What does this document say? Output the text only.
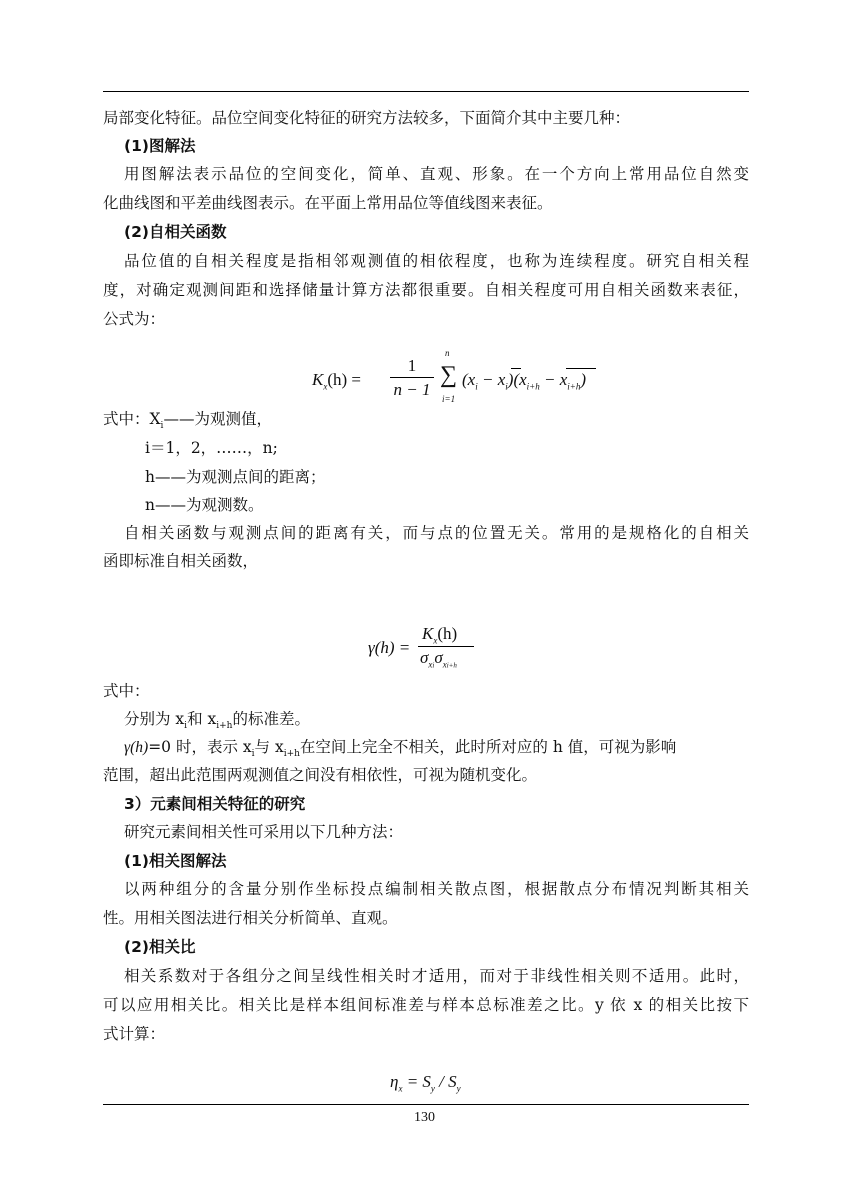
局部变化特征。品位空间变化特征的研究方法较多，下面简介其中主要几种：
(1)图解法
用图解法表示品位的空间变化，简单、直观、形象。在一个方向上常用品位自然变
化曲线图和平差曲线图表示。在平面上常用品位等值线图来表征。
(2)自相关函数
品位值的自相关程度是指相邻观测值的相依程度，也称为连续程度。研究自相关程
度，对确定观测间距和选择储量计算方法都很重要。自相关程度可用自相关函数来表征，
公式为：
$K_x(h)$ =
1
n − 1
n
∑
i=1
$(x_i - x_i)(x_{i+h} - x_{i+h})$
式中：$X_i——$为观测值，
i＝1，2，……，n;
h——为观测点间的距离；
n——为观测数。
自相关函数与观测点间的距离有关，而与点的位置无关。常用的是规格化的自相关
函即标准自相关函数，
γ(h) =
$K_x(h)$
$\sigma_{xi}\sigma_{xi+h}$
式中：
分别为 $x_i$和 $x_{i+h}$的标准差。
γ(h)=0 时，表示 $x_i$与 $x_{i+h}$在空间上完全不相关，此时所对应的 h 值，可视为影响
范围，超出此范围两观测值之间没有相依性，可视为随机变化。
3）元素间相关特征的研究
研究元素间相关性可采用以下几种方法：
(1)相关图解法
以两种组分的含量分别作坐标投点编制相关散点图，根据散点分布情况判断其相关
性。用相关图法进行相关分析简单、直观。
(2)相关比
相关系数对于各组分之间呈线性相关时才适用，而对于非线性相关则不适用。此时，
可以应用相关比。相关比是样本组间标准差与样本总标准差之比。y 依 x 的相关比按下
式计算：
$\eta_x = S_y / S_y$
130
